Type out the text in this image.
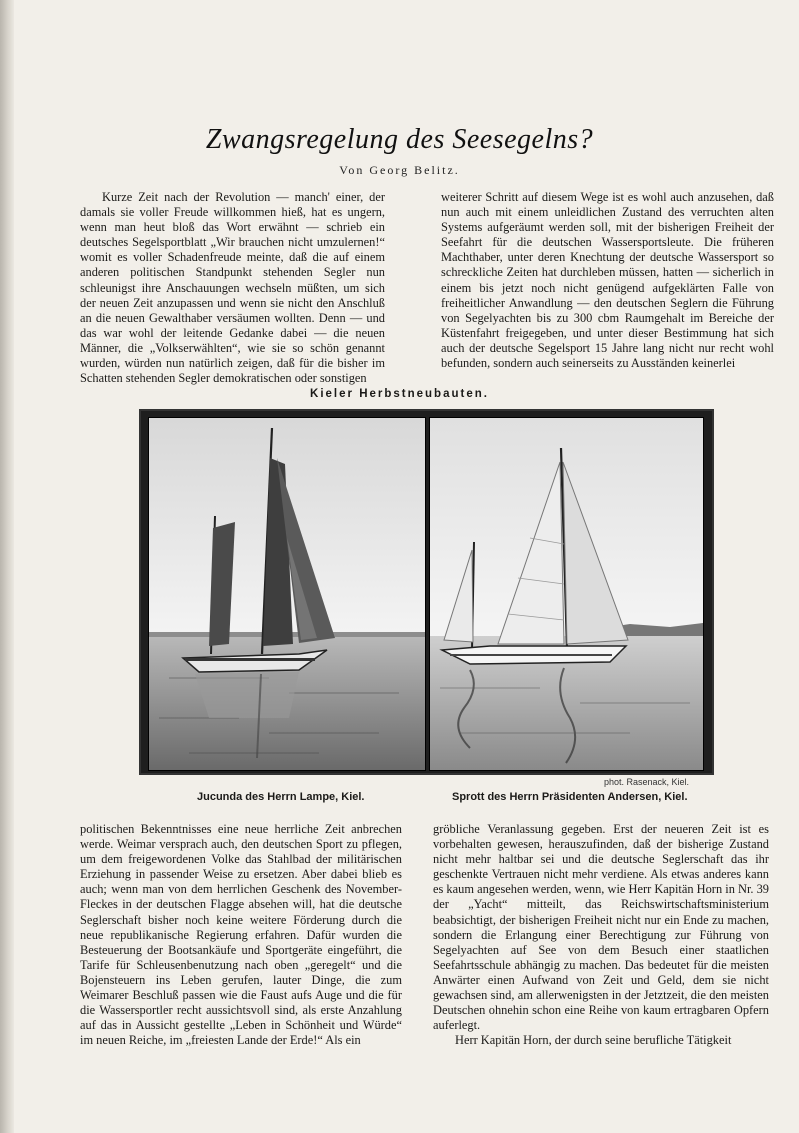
Zwangsregelung des Seesegelns?
Von Georg Belitz.

Kurze Zeit nach der Revolution — manch' einer, der damals sie voller Freude willkommen hieß, hat es ungern, wenn man heut bloß das Wort erwähnt — schrieb ein deutsches Segelsportblatt „Wir brauchen nicht umzulernen!“ womit es voller Schadenfreude meinte, daß die auf einem anderen politischen Standpunkt stehenden Segler nun schleunigst ihre Anschauungen wechseln müßten, um sich der neuen Zeit anzupassen und wenn sie nicht den Anschluß an die neuen Gewalthaber versäumen wollten. Denn — und das war wohl der leitende Gedanke dabei — die neuen Männer, die „Volkserwählten“, wie sie so schön genannt wurden, würden nun natürlich zeigen, daß für die bisher im Schatten stehenden Segler demokratischen oder sonstigen

weiterer Schritt auf diesem Wege ist es wohl auch anzusehen, daß nun auch mit einem unleidlichen Zustand des verruchten alten Systems aufgeräumt werden soll, mit der bisherigen Freiheit der Seefahrt für die deutschen Wassersportsleute. Die früheren Machthaber, unter deren Knechtung der deutsche Wassersport so schreckliche Zeiten hat durchleben müssen, hatten — sicherlich in einem bis jetzt noch nicht genügend aufgeklärten Falle von freiheitlicher Anwandlung — den deutschen Seglern die Führung von Segelyachten bis zu 300 cbm Raumgehalt im Bereiche der Küstenfahrt freigegeben, und unter dieser Bestimmung hat sich auch der deutsche Segelsport 15 Jahre lang nicht nur recht wohl befunden, sondern auch seinerseits zu Ausständen keinerlei

Kieler Herbstneubauten.
phot. Rasenack, Kiel.
Jucunda des Herrn Lampe, Kiel.	Sprott des Herrn Präsidenten Andersen, Kiel.

politischen Bekenntnisses eine neue herrliche Zeit anbrechen werde. Weimar versprach auch, den deutschen Sport zu pflegen, um dem freigewordenen Volke das Stahlbad der militärischen Erziehung in passender Weise zu ersetzen. Aber dabei blieb es auch; wenn man von dem herrlichen Geschenk des November-Fleckes in der deutschen Flagge absehen will, hat die deutsche Seglerschaft bisher noch keine weitere Förderung durch die neue republikanische Regierung erfahren. Dafür wurden die Besteuerung der Bootsankäufe und Sportgeräte eingeführt, die Tarife für Schleusenbenutzung nach oben „geregelt“ und die Bojensteuern ins Leben gerufen, lauter Dinge, die zum Weimarer Beschluß passen wie die Faust aufs Auge und die für die Wassersportler recht aussichtsvoll sind, als erste Anzahlung auf das in Aussicht gestellte „Leben in Schönheit und Würde“ im neuen Reiche, im „freiesten Lande der Erde!“ Als ein

gröbliche Veranlassung gegeben. Erst der neueren Zeit ist es vorbehalten gewesen, herauszufinden, daß der bisherige Zustand nicht mehr haltbar sei und die deutsche Seglerschaft das ihr geschenkte Vertrauen nicht mehr verdiene. Als etwas anderes kann es kaum angesehen werden, wenn, wie Herr Kapitän Horn in Nr. 39 der „Yacht“ mitteilt, das Reichswirtschaftsministerium beabsichtigt, der bisherigen Freiheit nicht nur ein Ende zu machen, sondern die Erlangung einer Berechtigung zur Führung von Segelyachten auf See von dem Besuch einer staatlichen Seefahrtsschule abhängig zu machen. Das bedeutet für die meisten Anwärter einen Aufwand von Zeit und Geld, dem sie nicht gewachsen sind, am allerwenigsten in der Jetztzeit, die den meisten Deutschen ohnehin schon eine Reihe von kaum ertragbaren Opfern auferlegt.

Herr Kapitän Horn, der durch seine berufliche Tätigkeit
